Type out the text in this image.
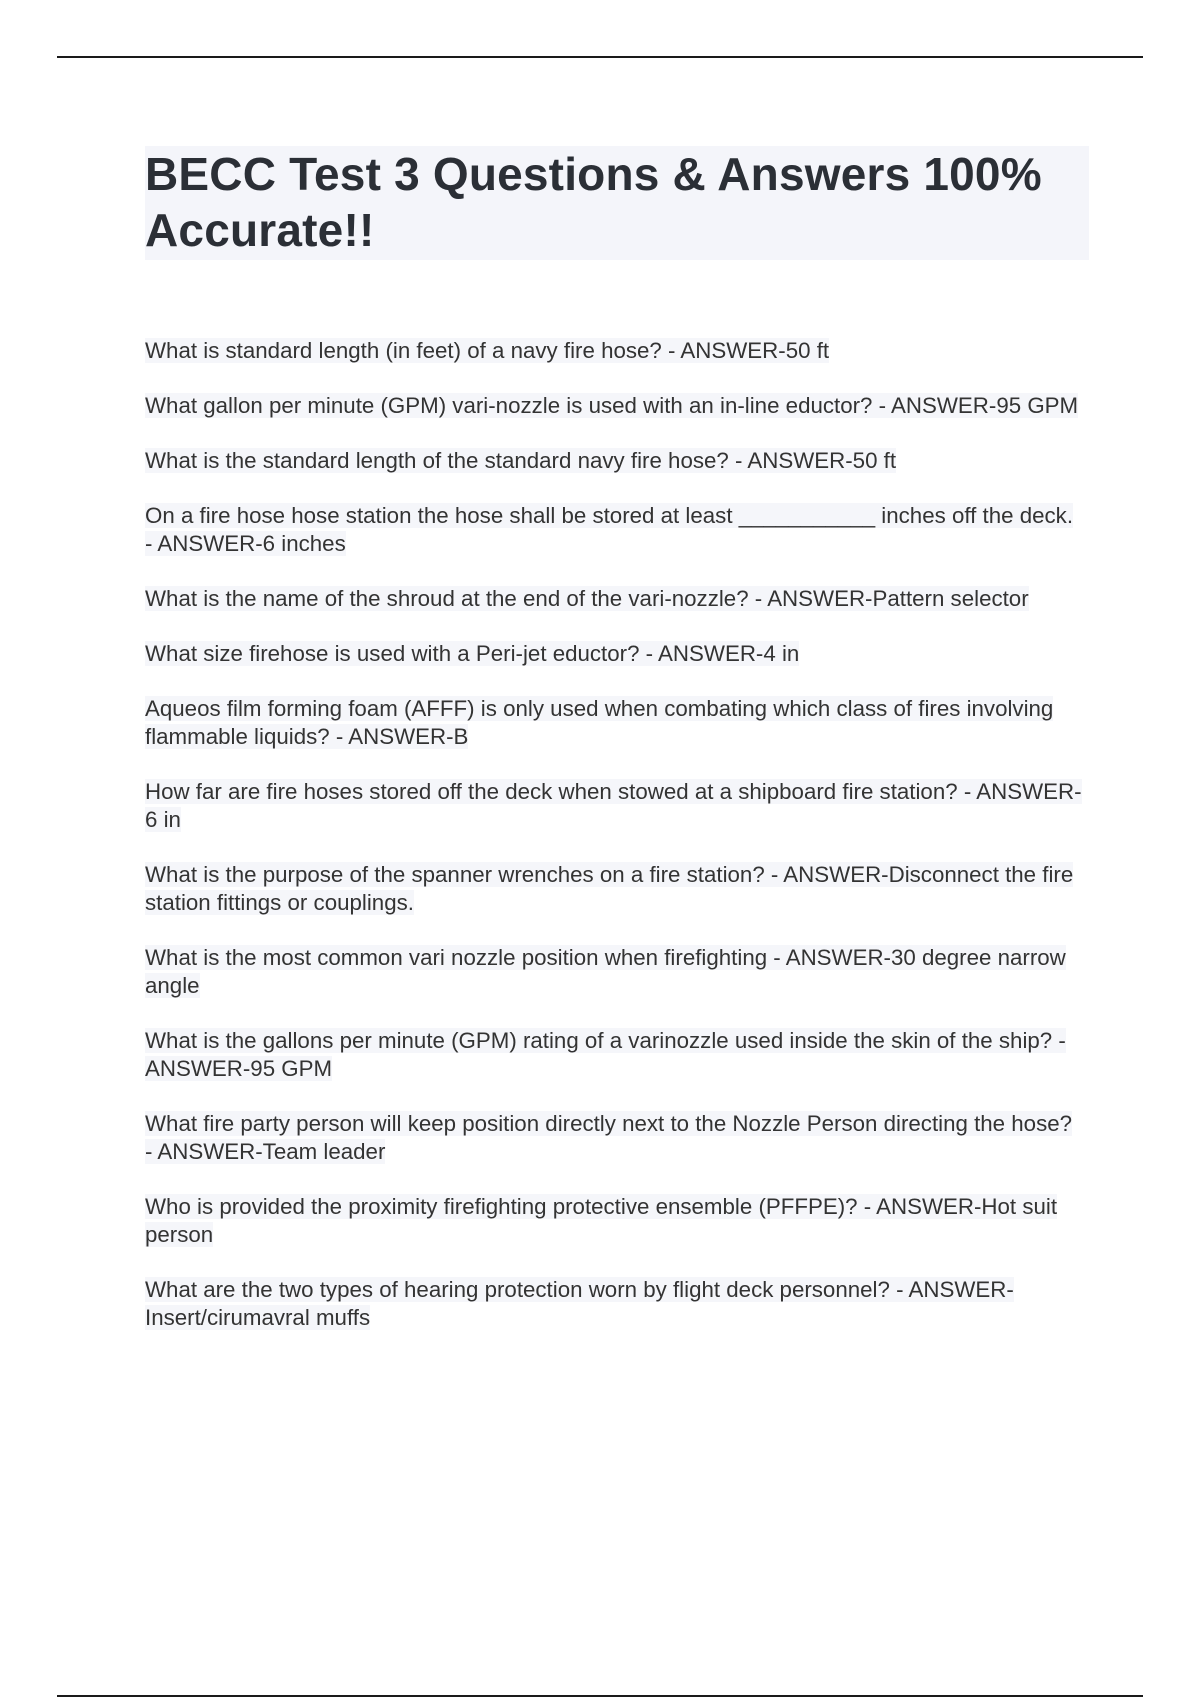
BECC Test 3 Questions & Answers 100% Accurate!!

What is standard length (in feet) of a navy fire hose? - ANSWER-50 ft

What gallon per minute (GPM) vari-nozzle is used with an in-line eductor? - ANSWER-95 GPM

What is the standard length of the standard navy fire hose? - ANSWER-50 ft

On a fire hose hose station the hose shall be stored at least ___________ inches off the deck. - ANSWER-6 inches

What is the name of the shroud at the end of the vari-nozzle? - ANSWER-Pattern selector

What size firehose is used with a Peri-jet eductor? - ANSWER-4 in

Aqueos film forming foam (AFFF) is only used when combating which class of fires involving flammable liquids? - ANSWER-B

How far are fire hoses stored off the deck when stowed at a shipboard fire station? - ANSWER-6 in

What is the purpose of the spanner wrenches on a fire station? - ANSWER-Disconnect the fire station fittings or couplings.

What is the most common vari nozzle position when firefighting - ANSWER-30 degree narrow angle

What is the gallons per minute (GPM) rating of a varinozzle used inside the skin of the ship? - ANSWER-95 GPM

What fire party person will keep position directly next to the Nozzle Person directing the hose? - ANSWER-Team leader

Who is provided the proximity firefighting protective ensemble (PFFPE)? - ANSWER-Hot suit person

What are the two types of hearing protection worn by flight deck personnel? - ANSWER-Insert/cirumavral muffs
